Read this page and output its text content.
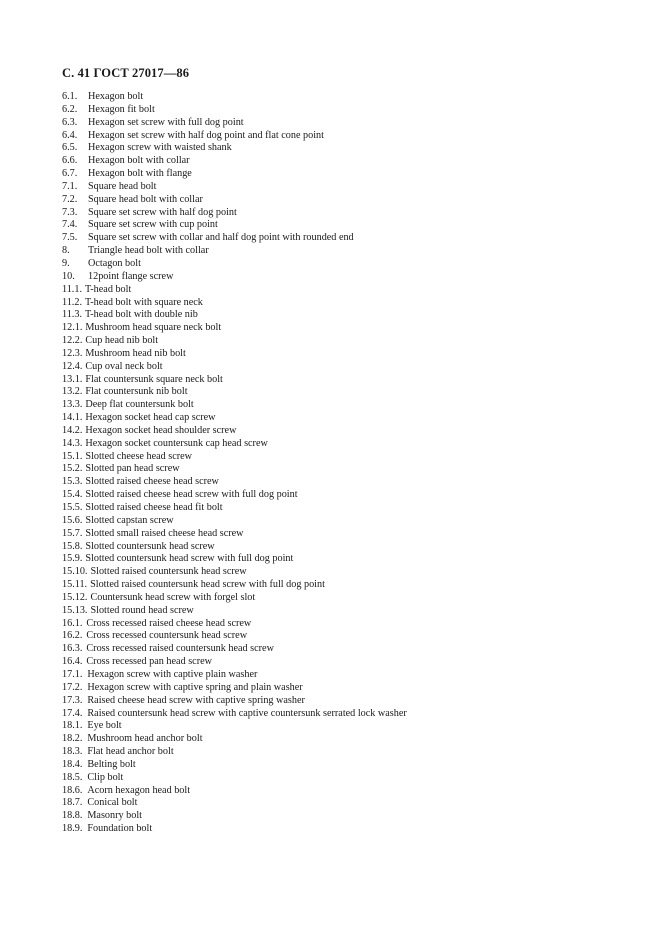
С. 41 ГОСТ 27017—86
6.1. Hexagon bolt
6.2. Hexagon fit bolt
6.3. Hexagon set screw with full dog point
6.4. Hexagon set screw with half dog point and flat cone point
6.5. Hexagon screw with waisted shank
6.6. Hexagon bolt with collar
6.7. Hexagon bolt with flange
7.1. Square head bolt
7.2. Square head bolt with collar
7.3. Square set screw with half dog point
7.4. Square set screw with cup point
7.5. Square set screw with collar and half dog point with rounded end
8. Triangle head bolt with collar
9. Octagon bolt
10. 12point flange screw
11.1. T-head bolt
11.2. T-head bolt with square neck
11.3. T-head bolt with double nib
12.1. Mushroom head square neck bolt
12.2. Cup head nib bolt
12.3. Mushroom head nib bolt
12.4. Cup oval neck bolt
13.1. Flat countersunk square neck bolt
13.2. Flat countersunk nib bolt
13.3. Deep flat countersunk bolt
14.1. Hexagon socket head cap screw
14.2. Hexagon socket head shoulder screw
14.3. Hexagon socket countersunk cap head screw
15.1. Slotted cheese head screw
15.2. Slotted pan head screw
15.3. Slotted raised cheese head screw
15.4. Slotted raised cheese head screw with full dog point
15.5. Slotted raised cheese head fit bolt
15.6. Slotted capstan screw
15.7. Slotted small raised cheese head screw
15.8. Slotted countersunk head screw
15.9. Slotted countersunk head screw with full dog point
15.10. Slotted raised countersunk head screw
15.11. Slotted raised countersunk head screw with full dog point
15.12. Countersunk head screw with forgel slot
15.13. Slotted round head screw
16.1. Cross recessed raised cheese head screw
16.2. Cross recessed countersunk head screw
16.3. Cross recessed raised countersunk head screw
16.4. Cross recessed pan head screw
17.1. Hexagon screw with captive plain washer
17.2. Hexagon screw with captive spring and plain washer
17.3. Raised cheese head screw with captive spring washer
17.4. Raised countersunk head screw with captive countersunk serrated lock washer
18.1. Eye bolt
18.2. Mushroom head anchor bolt
18.3. Flat head anchor bolt
18.4. Belting bolt
18.5. Clip bolt
18.6. Acorn hexagon head bolt
18.7. Conical bolt
18.8. Masonry bolt
18.9. Foundation bolt
